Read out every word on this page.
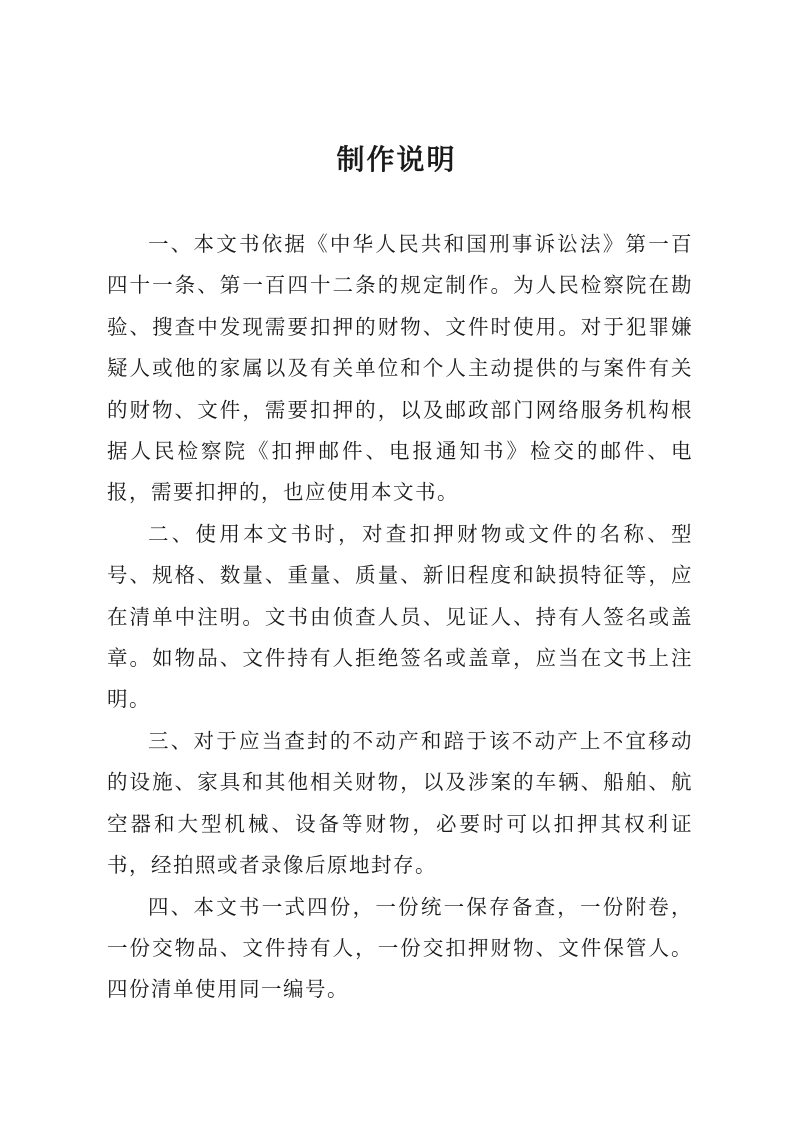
制作说明

一、本文书依据《中华人民共和国刑事诉讼法》第一百四十一条、第一百四十二条的规定制作。为人民检察院在勘验、搜查中发现需要扣押的财物、文件时使用。对于犯罪嫌疑人或他的家属以及有关单位和个人主动提供的与案件有关的财物、文件，需要扣押的，以及邮政部门网络服务机构根据人民检察院《扣押邮件、电报通知书》检交的邮件、电报，需要扣押的，也应使用本文书。

二、使用本文书时，对查扣押财物或文件的名称、型号、规格、数量、重量、质量、新旧程度和缺损特征等，应在清单中注明。文书由侦查人员、见证人、持有人签名或盖章。如物品、文件持有人拒绝签名或盖章，应当在文书上注明。

三、对于应当查封的不动产和踣于该不动产上不宜移动的设施、家具和其他相关财物，以及涉案的车辆、船舶、航空器和大型机械、设备等财物，必要时可以扣押其权利证书，经拍照或者录像后原地封存。

四、本文书一式四份，一份统一保存备查，一份附卷，一份交物品、文件持有人，一份交扣押财物、文件保管人。四份清单使用同一编号。
